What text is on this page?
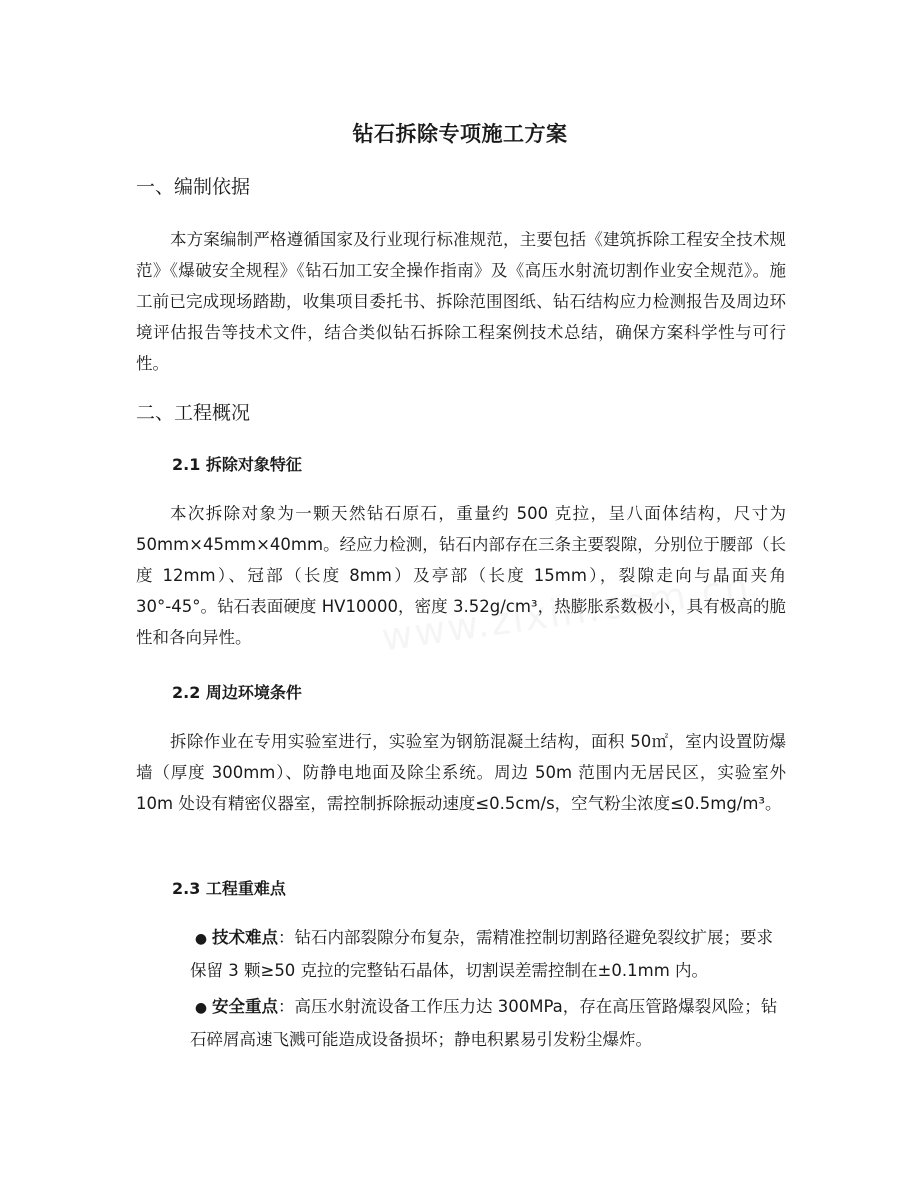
钻石拆除专项施工方案
一、编制依据

本方案编制严格遵循国家及行业现行标准规范，主要包括《建筑拆除工程安全技术规范》《爆破安全规程》《钻石加工安全操作指南》及《高压水射流切割作业安全规范》。施工前已完成现场踏勘，收集项目委托书、拆除范围图纸、钻石结构应力检测报告及周边环境评估报告等技术文件，结合类似钻石拆除工程案例技术总结，确保方案科学性与可行性。

二、工程概况
2.1 拆除对象特征

本次拆除对象为一颗天然钻石原石，重量约 500 克拉，呈八面体结构，尺寸为 50mm×45mm×40mm。经应力检测，钻石内部存在三条主要裂隙，分别位于腰部（长度 12mm）、冠部（长度 8mm）及亭部（长度 15mm），裂隙走向与晶面夹角 30°-45°。钻石表面硬度 HV10000，密度 3.52g/cm³，热膨胀系数极小，具有极高的脆性和各向异性。

2.2 周边环境条件

拆除作业在专用实验室进行，实验室为钢筋混凝土结构，面积 50㎡，室内设置防爆墙（厚度 300mm）、防静电地面及除尘系统。周边 50m 范围内无居民区，实验室外 10m 处设有精密仪器室，需控制拆除振动速度≤0.5cm/s，空气粉尘浓度≤0.5mg/m³。

2.3 工程重难点
● 技术难点：钻石内部裂隙分布复杂，需精准控制切割路径避免裂纹扩展；要求保留 3 颗≥50 克拉的完整钻石晶体，切割误差需控制在±0.1mm 内。
● 安全重点：高压水射流设备工作压力达 300MPa，存在高压管路爆裂风险；钻石碎屑高速飞溅可能造成设备损坏；静电积累易引发粉尘爆炸。
